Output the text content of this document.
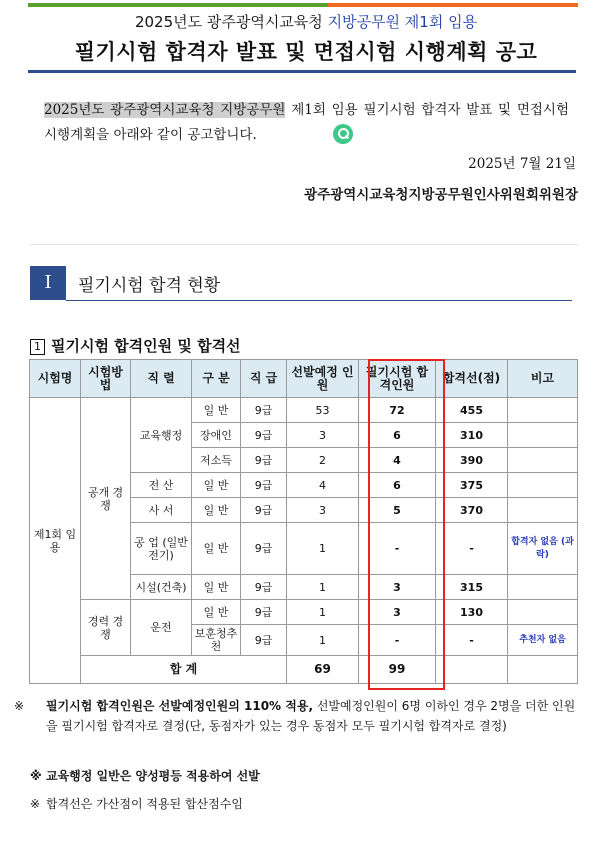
2025년도 광주광역시교육청 지방공무원 제1회 임용
필기시험 합격자 발표 및 면접시험 시행계획 공고
2025년도 광주광역시교육청 지방공무원 제1회 임용 필기시험 합격자 발표 및 면접시험 시행계획을 아래와 같이 공고합니다.
2025년 7월 21일
광주광역시교육청지방공무원인사위원회위원장
I	필기시험 합격 현황
1 필기시험 합격인원 및 합격선
시험명	시험방법	직 렬	구 분	직 급	선발예정 인 원	필기시험 합격인원	합격선(점)	비고
제1회 임용	공개 경쟁	교육행정	일 반	9급	53	72	455	
			장애인	9급	3	6	310	
			저소득	9급	2	4	390	
		전 산	일 반	9급	4	6	375	
		사 서	일 반	9급	3	5	370	
		공 업 (일반전기)	일 반	9급	1	-	-	합격자 없음 (과락)
		시설(건축)	일 반	9급	1	3	315	
	경력 경쟁	운전	일 반	9급	1	3	130	
			보훈청추천	9급	1	-	-	추천자 없음
	합 계				69	99		
※ 필기시험 합격인원은 선발예정인원의 110% 적용, 선발예정인원이 6명 이하인 경우 2명을 더한 인원을 필기시험 합격자로 결정(단, 동점자가 있는 경우 동점자 모두 필기시험 합격자로 결정)
※ 교육행정 일반은 양성평등 적용하여 선발
※ 합격선은 가산점이 적용된 합산점수임
